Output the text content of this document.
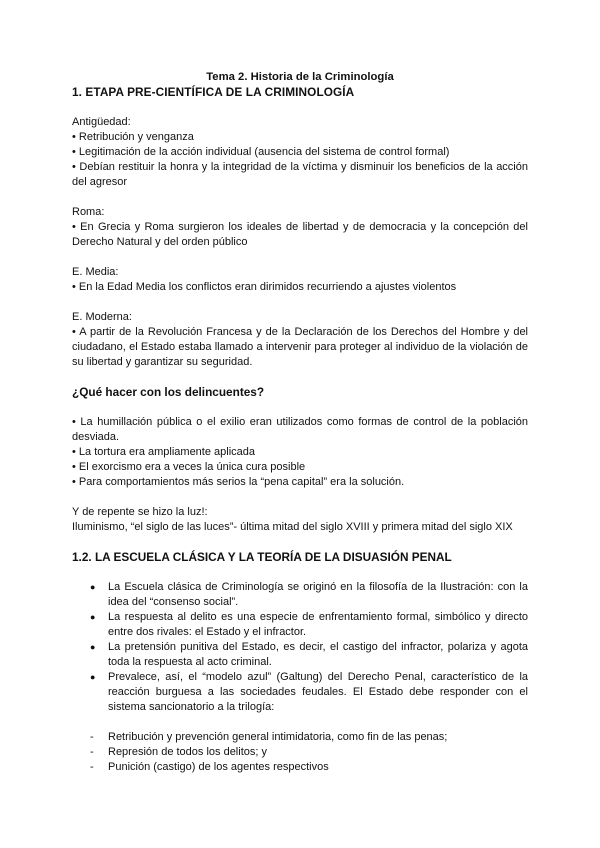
Tema 2. Historia de la Criminología

1. ETAPA PRE-CIENTÍFICA DE LA CRIMINOLOGÍA

Antigüedad:

• Retribución y venganza

• Legitimación de la acción individual (ausencia del sistema de control formal)

• Debían restituir la honra y la integridad de la víctima y disminuir los beneficios de la acción del agresor

Roma:

• En Grecia y Roma surgieron los ideales de libertad y de democracia y la concepción del Derecho Natural y del orden público

E. Media:

• En la Edad Media los conflictos eran dirimidos recurriendo a ajustes violentos

E. Moderna:

• A partir de la Revolución Francesa y de la Declaración de los Derechos del Hombre y del ciudadano, el Estado estaba llamado a intervenir para proteger al individuo de la violación de su libertad y garantizar su seguridad.

¿Qué hacer con los delincuentes?

• La humillación pública o el exilio eran utilizados como formas de control de la población desviada.

• La tortura era ampliamente aplicada

• El exorcismo era a veces la única cura posible

• Para comportamientos más serios la “pena capital” era la solución.

Y de repente se hizo la luz!:

Iluminismo, “el siglo de las luces”- última mitad del siglo XVIII y primera mitad del siglo XIX

1.2. LA ESCUELA CLÁSICA Y LA TEORÍA DE LA DISUASIÓN PENAL

● La Escuela clásica de Criminología se originó en la filosofía de la Ilustración: con la idea del “consenso social”.
● La respuesta al delito es una especie de enfrentamiento formal, simbólico y directo entre dos rivales: el Estado y el infractor.
● La pretensión punitiva del Estado, es decir, el castigo del infractor, polariza y agota toda la respuesta al acto criminal.
● Prevalece, así, el “modelo azul” (Galtung) del Derecho Penal, característico de la reacción burguesa a las sociedades feudales. El Estado debe responder con el sistema sancionatorio a la trilogía:
- Retribución y prevención general intimidatoria, como fin de las penas;
- Represión de todos los delitos; y
- Punición (castigo) de los agentes respectivos
